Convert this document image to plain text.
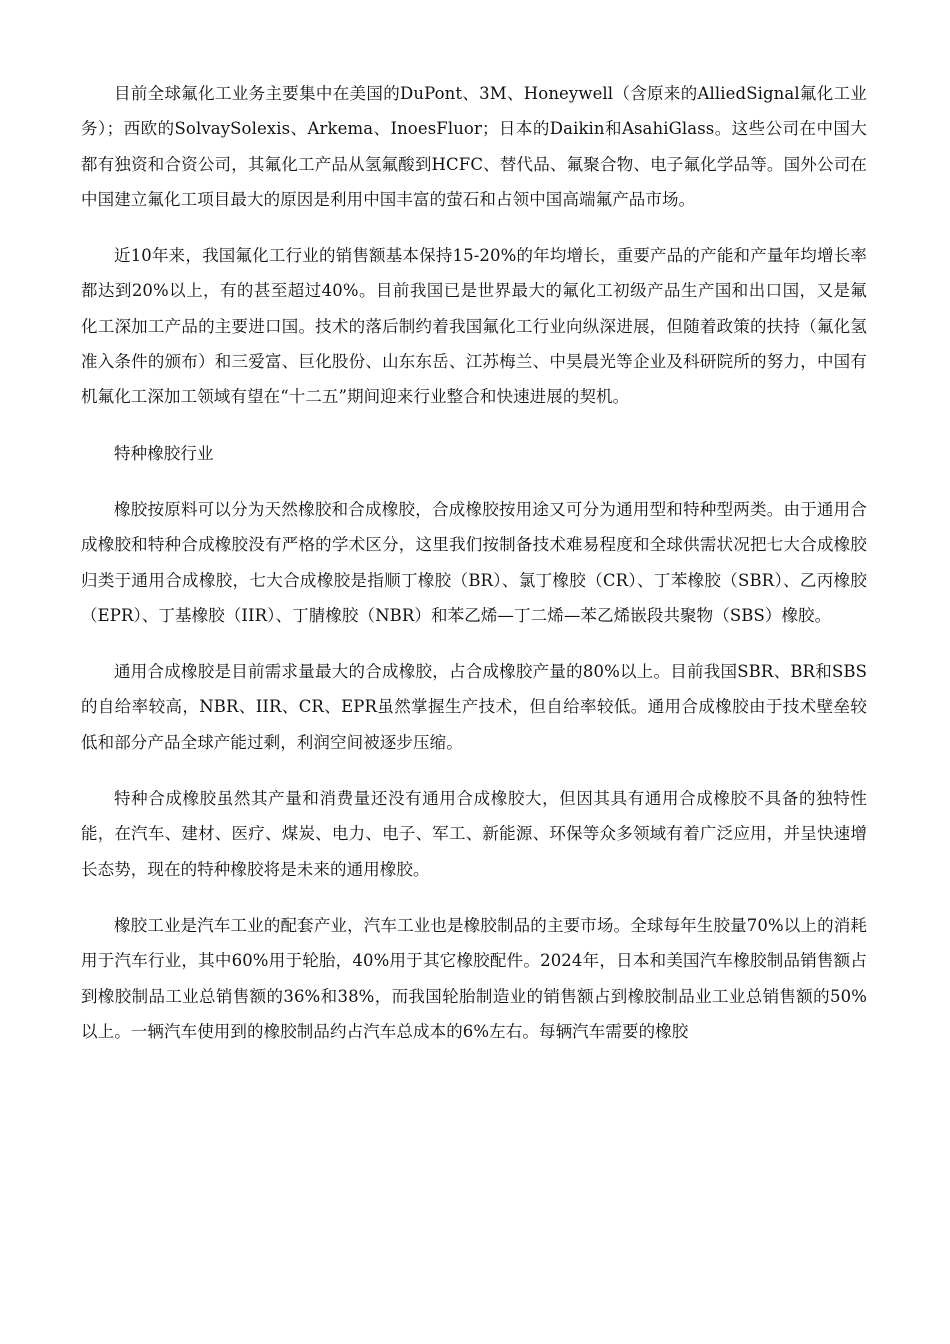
目前全球氟化工业务主要集中在美国的DuPont、3M、Honeywell（含原来的AlliedSignal氟化工业务）；西欧的SolvaySolexis、Arkema、InoesFluor；日本的Daikin和AsahiGlass。这些公司在中国大都有独资和合资公司，其氟化工产品从氢氟酸到HCFC、替代品、氟聚合物、电子氟化学品等。国外公司在中国建立氟化工项目最大的原因是利用中国丰富的萤石和占领中国高端氟产品市场。

近10年来，我国氟化工行业的销售额基本保持15-20%的年均增长，重要产品的产能和产量年均增长率都达到20%以上，有的甚至超过40%。目前我国已是世界最大的氟化工初级产品生产国和出口国，又是氟化工深加工产品的主要进口国。技术的落后制约着我国氟化工行业向纵深进展，但随着政策的扶持（氟化氢准入条件的颁布）和三爱富、巨化股份、山东东岳、江苏梅兰、中昊晨光等企业及科研院所的努力，中国有机氟化工深加工领域有望在“十二五”期间迎来行业整合和快速进展的契机。

特种橡胶行业

橡胶按原料可以分为天然橡胶和合成橡胶，合成橡胶按用途又可分为通用型和特种型两类。由于通用合成橡胶和特种合成橡胶没有严格的学术区分，这里我们按制备技术难易程度和全球供需状况把七大合成橡胶归类于通用合成橡胶，七大合成橡胶是指顺丁橡胶（BR）、氯丁橡胶（CR）、丁苯橡胶（SBR）、乙丙橡胶（EPR）、丁基橡胶（IIR）、丁腈橡胶（NBR）和苯乙烯—丁二烯—苯乙烯嵌段共聚物（SBS）橡胶。

通用合成橡胶是目前需求量最大的合成橡胶，占合成橡胶产量的80%以上。目前我国SBR、BR和SBS的自给率较高，NBR、IIR、CR、EPR虽然掌握生产技术，但自给率较低。通用合成橡胶由于技术壁垒较低和部分产品全球产能过剩，利润空间被逐步压缩。

特种合成橡胶虽然其产量和消费量还没有通用合成橡胶大，但因其具有通用合成橡胶不具备的独特性能，在汽车、建材、医疗、煤炭、电力、电子、军工、新能源、环保等众多领域有着广泛应用，并呈快速增长态势，现在的特种橡胶将是未来的通用橡胶。

橡胶工业是汽车工业的配套产业，汽车工业也是橡胶制品的主要市场。全球每年生胶量70%以上的消耗用于汽车行业，其中60%用于轮胎，40%用于其它橡胶配件。2024年，日本和美国汽车橡胶制品销售额占到橡胶制品工业总销售额的36%和38%，而我国轮胎制造业的销售额占到橡胶制品业工业总销售额的50%以上。一辆汽车使用到的橡胶制品约占汽车总成本的6%左右。每辆汽车需要的橡胶
